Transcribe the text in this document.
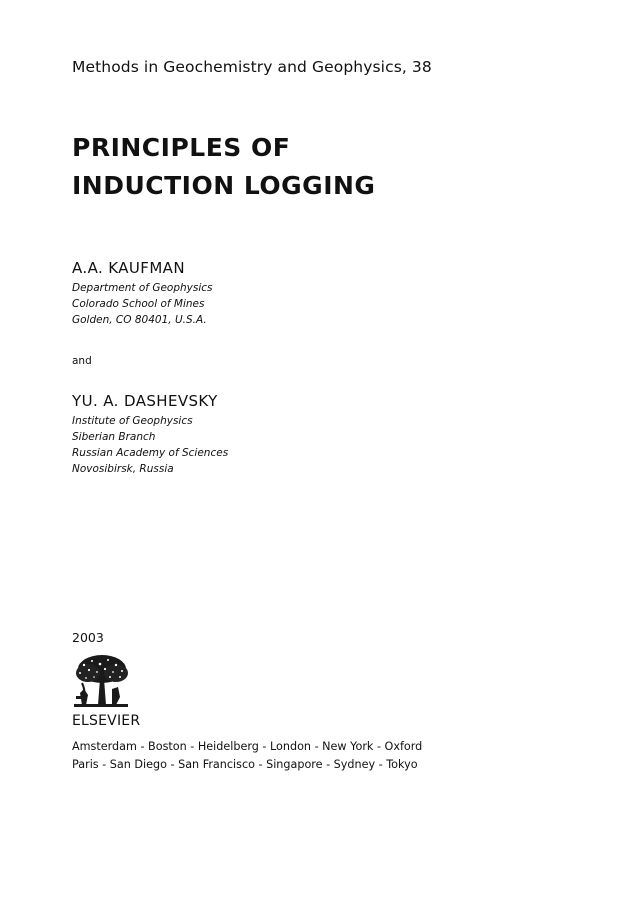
Methods in Geochemistry and Geophysics, 38
PRINCIPLES OF
INDUCTION LOGGING
A.A. KAUFMAN
Department of Geophysics
Colorado School of Mines
Golden, CO 80401, U.S.A.
and
YU. A. DASHEVSKY
Institute of Geophysics
Siberian Branch
Russian Academy of Sciences
Novosibirsk, Russia
2003
ELSEVIER
Amsterdam - Boston - Heidelberg - London - New York - Oxford
Paris - San Diego - San Francisco - Singapore - Sydney - Tokyo
